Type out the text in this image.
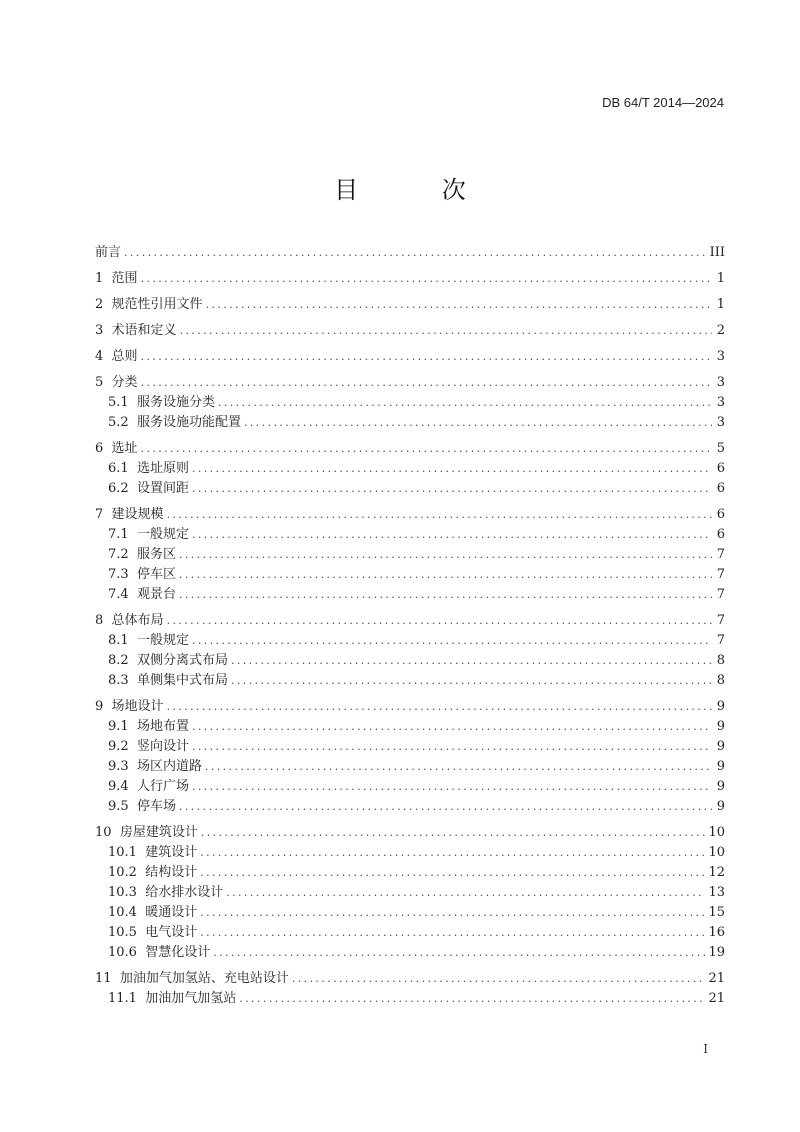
DB 64/T 2014—2024
目 次
前言 .....	III
1 范围 .....	1
2 规范性引用文件 .....	1
3 术语和定义 .....	2
4 总则 .....	3
5 分类 .....	3
5.1 服务设施分类 .....	3
5.2 服务设施功能配置 .....	3
6 选址 .....	5
6.1 选址原则 .....	6
6.2 设置间距 .....	6
7 建设规模 .....	6
7.1 一般规定 .....	6
7.2 服务区 .....	7
7.3 停车区 .....	7
7.4 观景台 .....	7
8 总体布局 .....	7
8.1 一般规定 .....	7
8.2 双侧分离式布局 .....	8
8.3 单侧集中式布局 .....	8
9 场地设计 .....	9
9.1 场地布置 .....	9
9.2 竖向设计 .....	9
9.3 场区内道路 .....	9
9.4 人行广场 .....	9
9.5 停车场 .....	9
10 房屋建筑设计 .....	10
10.1 建筑设计 .....	10
10.2 结构设计 .....	12
10.3 给水排水设计 .....	13
10.4 暖通设计 .....	15
10.5 电气设计 .....	16
10.6 智慧化设计 .....	19
11 加油加气加氢站、充电站设计 .....	21
11.1 加油加气加氢站 .....	21
I
